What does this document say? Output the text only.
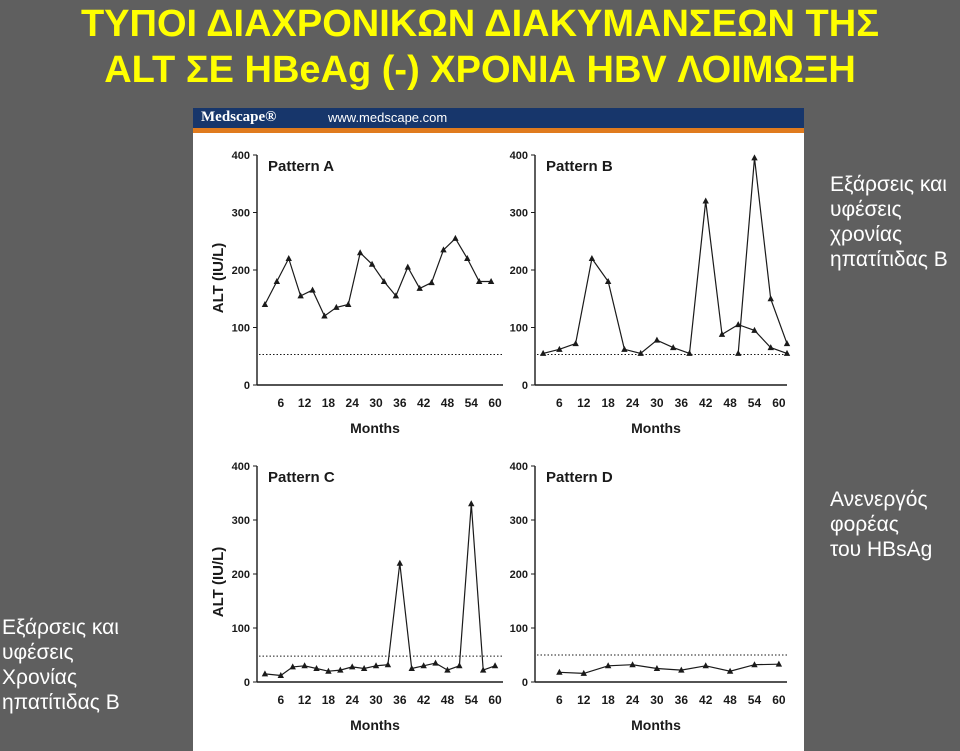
ΤΥΠΟΙ ΔΙΑΧΡΟΝΙΚΩΝ ΔΙΑΚΥΜΑΝΣΕΩΝ ΤΗΣ
ALT ΣΕ HBeAg (-) ΧΡΟΝΙΑ HBV ΛΟΙΜΩΞΗ
Medscape®	www.medscape.com
0
100
200
300
400
6 12 18 24 30 36 42 48 54 60
Months
ALT (IU/L)
Pattern A
0
100
200
300
400
6 12 18 24 30 36 42 48 54 60
Months
Pattern B
0
100
200
300
400
6 12 18 24 30 36 42 48 54 60
Months
ALT (IU/L)
Pattern C
0
100
200
300
400
6 12 18 24 30 36 42 48 54 60
Months
Pattern D

Εξάρσεις και
υφέσεις
χρονίας
ηπατίτιδας Β

Ανενεργός
φορέας
του HBsAg

Εξάρσεις και
υφέσεις
Χρονίας
ηπατίτιδας Β
